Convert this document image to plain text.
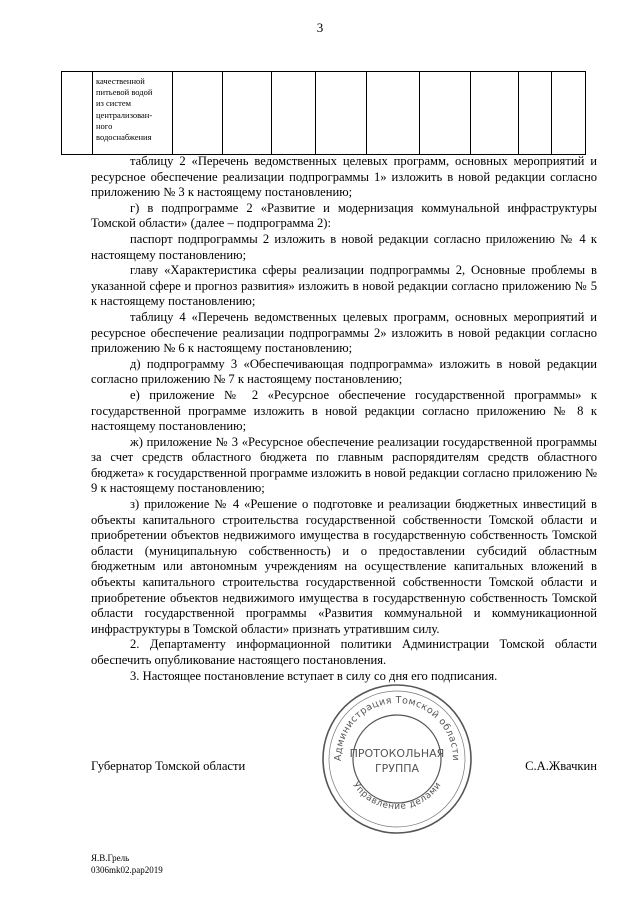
3

качественной
питьевой водой
из систем
централизован-
ного
водоснабжения

таблицу 2 «Перечень ведомственных целевых программ, основных мероприятий и ресурсное обеспечение реализации подпрограммы 1» изложить в новой редакции согласно приложению № 3 к настоящему постановлению;

г) в подпрограмме 2 «Развитие и модернизация коммунальной инфраструктуры Томской области» (далее – подпрограмма 2):

паспорт подпрограммы 2 изложить в новой редакции согласно приложению № 4 к настоящему постановлению;

главу «Характеристика сферы реализации подпрограммы 2, Основные проблемы в указанной сфере и прогноз развития» изложить в новой редакции согласно приложению № 5 к настоящему постановлению;

таблицу 4 «Перечень ведомственных целевых программ, основных мероприятий и ресурсное обеспечение реализации подпрограммы 2» изложить в новой редакции согласно приложению № 6 к настоящему постановлению;

д) подпрограмму 3 «Обеспечивающая подпрограмма» изложить в новой редакции согласно приложению № 7 к настоящему постановлению;

е) приложение № 2 «Ресурсное обеспечение государственной программы» к государственной программе изложить в новой редакции согласно приложению № 8 к настоящему постановлению;

ж) приложение № 3 «Ресурсное обеспечение реализации государственной программы за счет средств областного бюджета по главным распорядителям средств областного бюджета» к государственной программе изложить в новой редакции согласно приложению № 9 к настоящему постановлению;

з) приложение № 4 «Решение о подготовке и реализации бюджетных инвестиций в объекты капитального строительства государственной собственности Томской области и приобретении объектов недвижимого имущества в государственную собственность Томской области (муниципальную собственность) и о предоставлении субсидий областным бюджетным или автономным учреждениям на осуществление капитальных вложений в объекты капитального строительства государственной собственности Томской области и приобретение объектов недвижимого имущества в государственную собственность Томской области государственной программы «Развития коммунальной и коммуникационной инфраструктуры в Томской области» признать утратившим силу.

2. Департаменту информационной политики Администрации Томской области обеспечить опубликование настоящего постановления.

3. Настоящее постановление вступает в силу со дня его подписания.

Губернатор Томской области	С.А.Жвачкин
Администрация Томской области
Управление делами
ПРОТОКОЛЬНАЯ
ГРУППА
Я.В.Грель
0306mk02.pap2019
